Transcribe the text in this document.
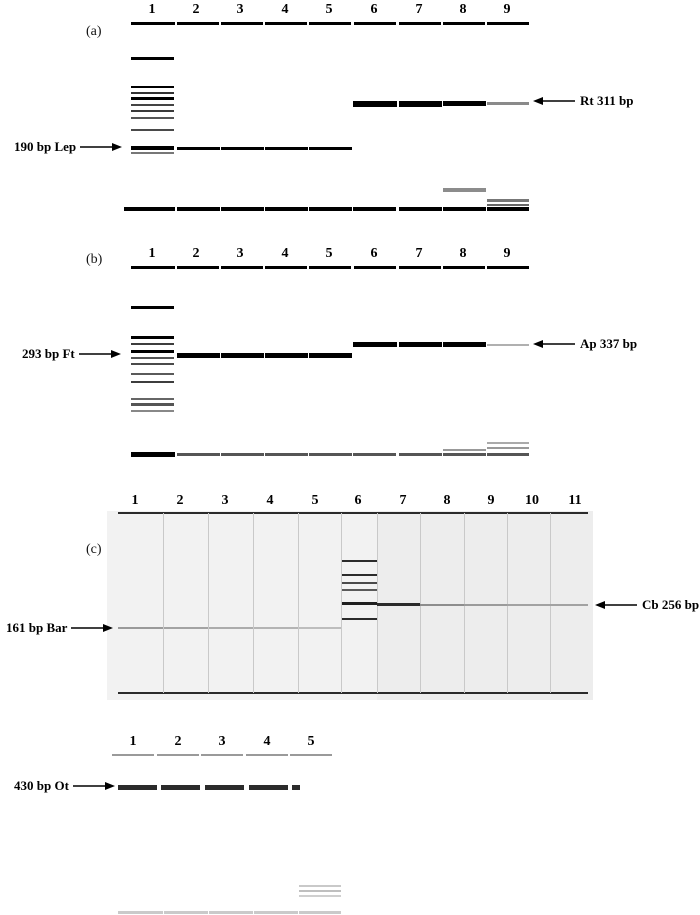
(a)
1	2	3	4	5	6	7	8	9
190 bp Lep
Rt 311 bp
(b)	1	2	3	4	5	6	7	8	9
293 bp Ft
Ap 337 bp
(c)
1	2	3	4	5	6	7	8	9	10	11
161 bp Bar
Cb 256 bp
1	2	3	4	5
430 bp Ot
